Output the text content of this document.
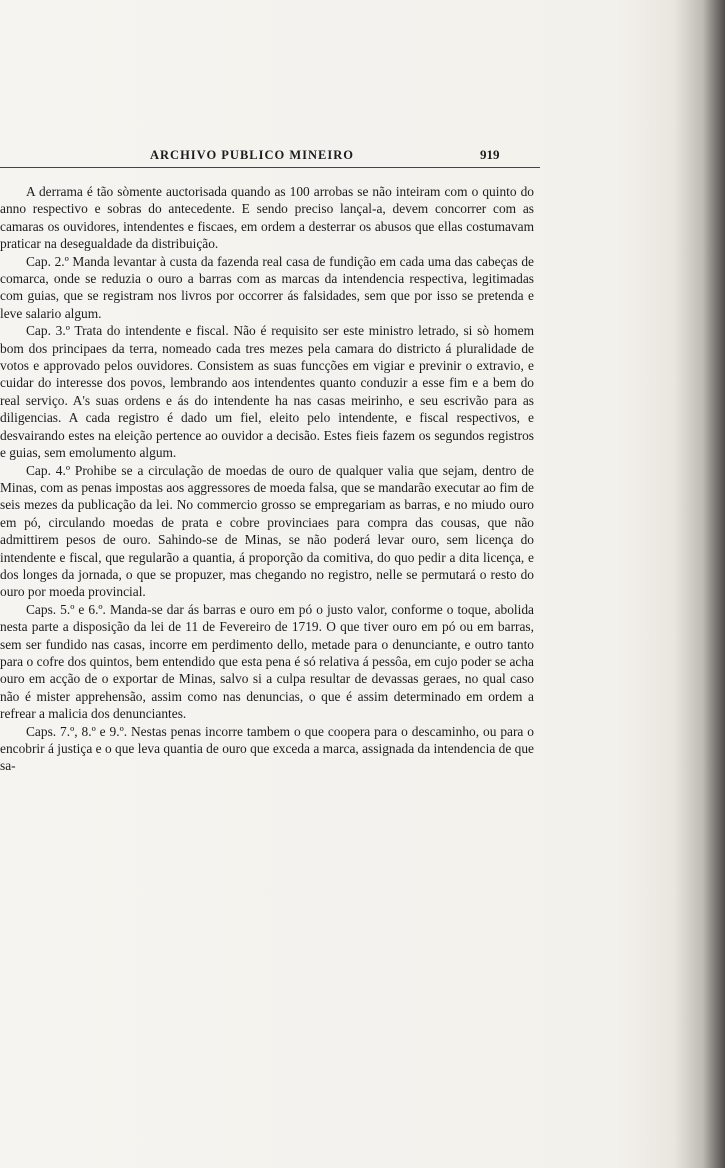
ARCHIVO PUBLICO MINEIRO	919

A derrama é tão sòmente auctorisada quando as 100 arrobas se não inteiram com o quinto do anno respectivo e sobras do antecedente. E sendo preciso lançal-a, devem concorrer com as camaras os ouvidores, intendentes e fiscaes, em ordem a desterrar os abusos que ellas costumavam praticar na desegualdade da distribuição.

Cap. 2.º Manda levantar à custa da fazenda real casa de fundição em cada uma das cabeças de comarca, onde se reduzia o ouro a barras com as marcas da intendencia respectiva, legitimadas com guias, que se registram nos livros por occorrer ás falsidades, sem que por isso se pretenda e leve salario algum.

Cap. 3.º Trata do intendente e fiscal. Não é requisito ser este ministro letrado, si sò homem bom dos principaes da terra, nomeado cada tres mezes pela camara do districto á pluralidade de votos e approvado pelos ouvidores. Consistem as suas funcções em vigiar e previnir o extravio, e cuidar do interesse dos povos, lembrando aos intendentes quanto conduzir a esse fim e a bem do real serviço. A's suas ordens e ás do intendente ha nas casas meirinho, e seu escrivão para as diligencias. A cada registro é dado um fiel, eleito pelo intendente, e fiscal respectivos, e desvairando estes na eleição pertence ao ouvidor a decisão. Estes fieis fazem os segundos registros e guias, sem emolumento algum.

Cap. 4.º Prohibe se a circulação de moedas de ouro de qualquer valia que sejam, dentro de Minas, com as penas impostas aos aggressores de moeda falsa, que se mandarão executar ao fim de seis mezes da publicação da lei. No commercio grosso se empregariam as barras, e no miudo ouro em pó, circulando moedas de prata e cobre provinciaes para compra das cousas, que não admittirem pesos de ouro. Sahindo-se de Minas, se não poderá levar ouro, sem licença do intendente e fiscal, que regularão a quantia, á proporção da comitiva, do quo pedir a dita licença, e dos longes da jornada, o que se propuzer, mas chegando no registro, nelle se permutará o resto do ouro por moeda provincial.

Caps. 5.º e 6.º. Manda-se dar ás barras e ouro em pó o justo valor, conforme o toque, abolida nesta parte a disposição da lei de 11 de Fevereiro de 1719. O que tiver ouro em pó ou em barras, sem ser fundido nas casas, incorre em perdimento dello, metade para o denunciante, e outro tanto para o cofre dos quintos, bem entendido que esta pena é só relativa á pessôa, em cujo poder se acha ouro em acção de o exportar de Minas, salvo si a culpa resultar de devassas geraes, no qual caso não é mister apprehensão, assim como nas denuncias, o que é assim determinado em ordem a refrear a malicia dos denunciantes.

Caps. 7.º, 8.º e 9.º. Nestas penas incorre tambem o que coopera para o descaminho, ou para o encobrir á justiça e o que leva quantia de ouro que exceda a marca, assignada da intendencia de que sa-
